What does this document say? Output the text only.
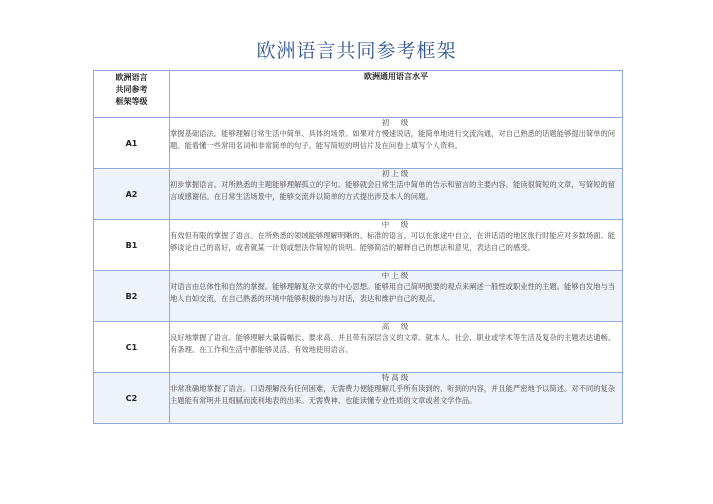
欧洲语言共同参考框架
欧洲语言
共同参考
框架等级	欧洲通用语言水平
A1	初　级
掌握基础语法。能够理解日常生活中简单、具体的场景。如果对方慢速说话，能简单地进行交流沟通，对自己熟悉的话题能够提出简单的问题。能看懂一些常用名词和非常简单的句子。能写简短的明信片及在问卷上填写个人资料。

A2	初上级
初步掌握语言。对所熟悉的主题能够理解孤立的字句。能够就会日常生活中简单的告示和留言的主要内容。能读很简短的文章，写简短的留言或感谢信。在日常生活场景中，能够交流并以简单的方式提出涉及本人的问题。

B1	中　级
有效但有限的掌握了语言。在所熟悉的领域能够理解明晰的、标准的语言。可以在旅途中自立，在讲话语的地区旅行时能应对多数场面。能够谈论自己的喜好，或者就某一计划或想法作简短的说明。能够简洁的解释自己的想法和意见，表达自己的感受。

B2	中上级
对语言由总体性和自然的掌握。能够理解复杂文章的中心思想。能够用自己简明扼要的观点来阐述一般性或职业性的主题。能够自发地与当地人自如交流，在自己熟悉的环境中能够积极的参与对话，表达和维护自己的观点。

C1	高　级
良好地掌握了语言。能够理解大量篇幅长、要求高、并且带有深层含义的文章。就本人、社会、职业或学术等生活及复杂的主题表达通畅、有条理。在工作和生活中都能够灵活、有效地使用语言。

C2	特高级
非常准确地掌握了语言。口语理解没有任何困难，无需费力便能理解几乎所有读到的、听到的内容，并且能严密地予以简述。对不同的复杂主题能有常明并且细腻而流利地表的出来。无需费神、也能读懂专业性质的文章或者文学作品。
